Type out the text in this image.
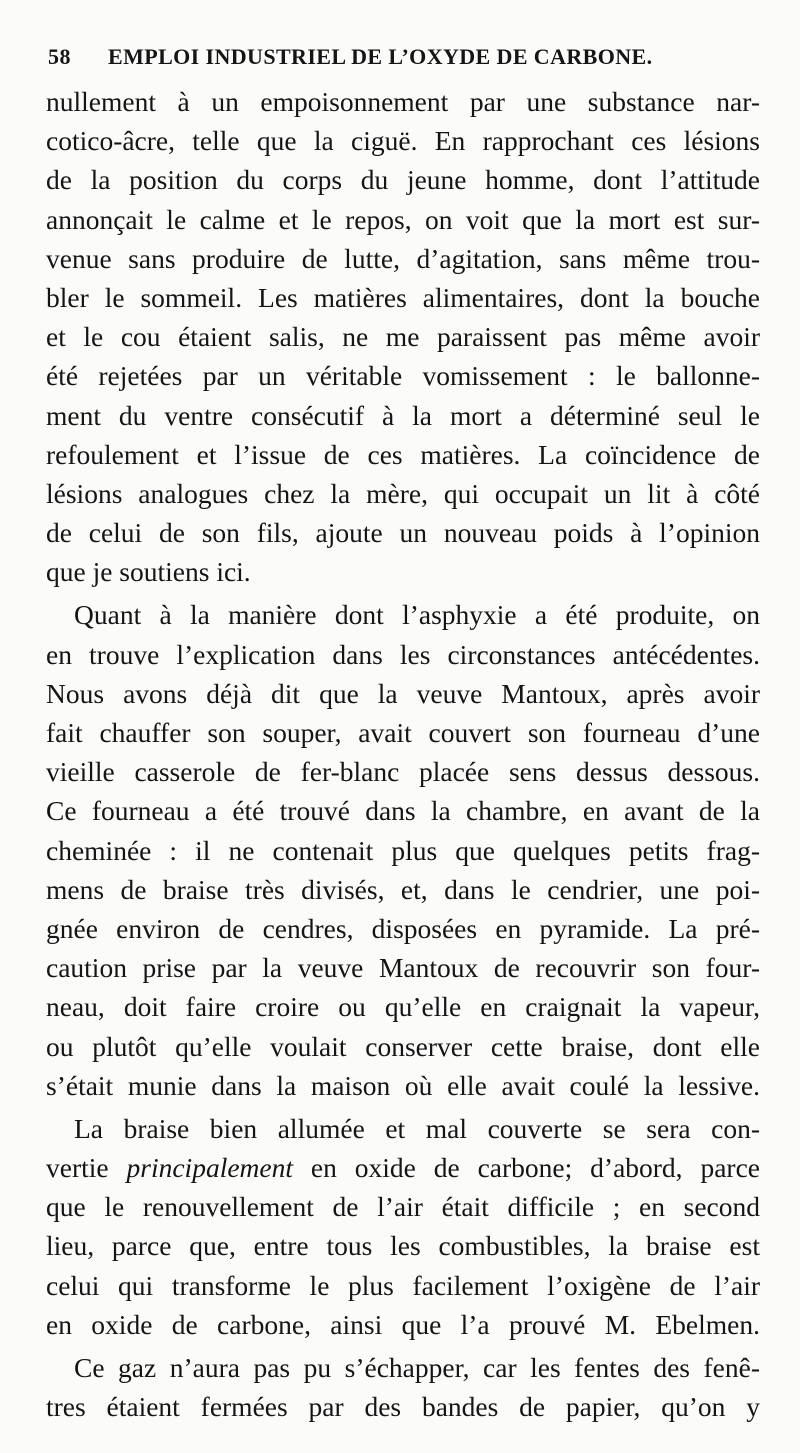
58 EMPLOI INDUSTRIEL DE L’OXYDE DE CARBONE.
nullement à un empoisonnement par une substance nar-
cotico-âcre, telle que la ciguë. En rapprochant ces lésions
de la position du corps du jeune homme, dont l’attitude
annonçait le calme et le repos, on voit que la mort est sur-
venue sans produire de lutte, d’agitation, sans même trou-
bler le sommeil. Les matières alimentaires, dont la bouche
et le cou étaient salis, ne me paraissent pas même avoir
été rejetées par un véritable vomissement : le ballonne-
ment du ventre consécutif à la mort a déterminé seul le
refoulement et l’issue de ces matières. La coïncidence de
lésions analogues chez la mère, qui occupait un lit à côté
de celui de son fils, ajoute un nouveau poids à l’opinion
que je soutiens ici.
Quant à la manière dont l’asphyxie a été produite, on
en trouve l’explication dans les circonstances antécédentes.
Nous avons déjà dit que la veuve Mantoux, après avoir
fait chauffer son souper, avait couvert son fourneau d’une
vieille casserole de fer-blanc placée sens dessus dessous.
Ce fourneau a été trouvé dans la chambre, en avant de la
cheminée : il ne contenait plus que quelques petits frag-
mens de braise très divisés, et, dans le cendrier, une poi-
gnée environ de cendres, disposées en pyramide. La pré-
caution prise par la veuve Mantoux de recouvrir son four-
neau, doit faire croire ou qu’elle en craignait la vapeur,
ou plutôt qu’elle voulait conserver cette braise, dont elle
s’était munie dans la maison où elle avait coulé la lessive.
La braise bien allumée et mal couverte se sera con-
vertie principalement en oxide de carbone; d’abord, parce
que le renouvellement de l’air était difficile ; en second
lieu, parce que, entre tous les combustibles, la braise est
celui qui transforme le plus facilement l’oxigène de l’air
en oxide de carbone, ainsi que l’a prouvé M. Ebelmen.
Ce gaz n’aura pas pu s’échapper, car les fentes des fenê-
tres étaient fermées par des bandes de papier, qu’on y
